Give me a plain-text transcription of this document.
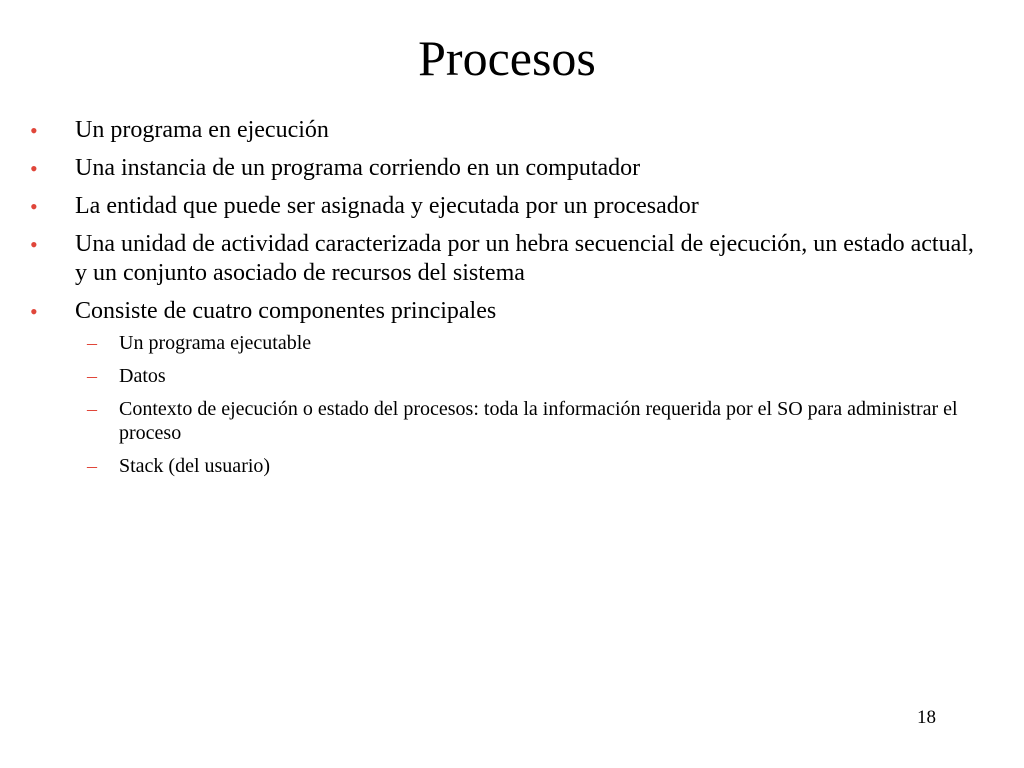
Procesos
• Un programa en ejecución
• Una instancia de un programa corriendo en un computador
• La entidad que puede ser asignada y ejecutada por un procesador
• Una unidad de actividad caracterizada por un hebra secuencial de ejecución, un estado actual, y un conjunto asociado de recursos del sistema
• Consiste de cuatro componentes principales
– Un programa ejecutable
– Datos
– Contexto de ejecución o estado del procesos: toda la información requerida por el SO para administrar el proceso
– Stack (del usuario)
18
